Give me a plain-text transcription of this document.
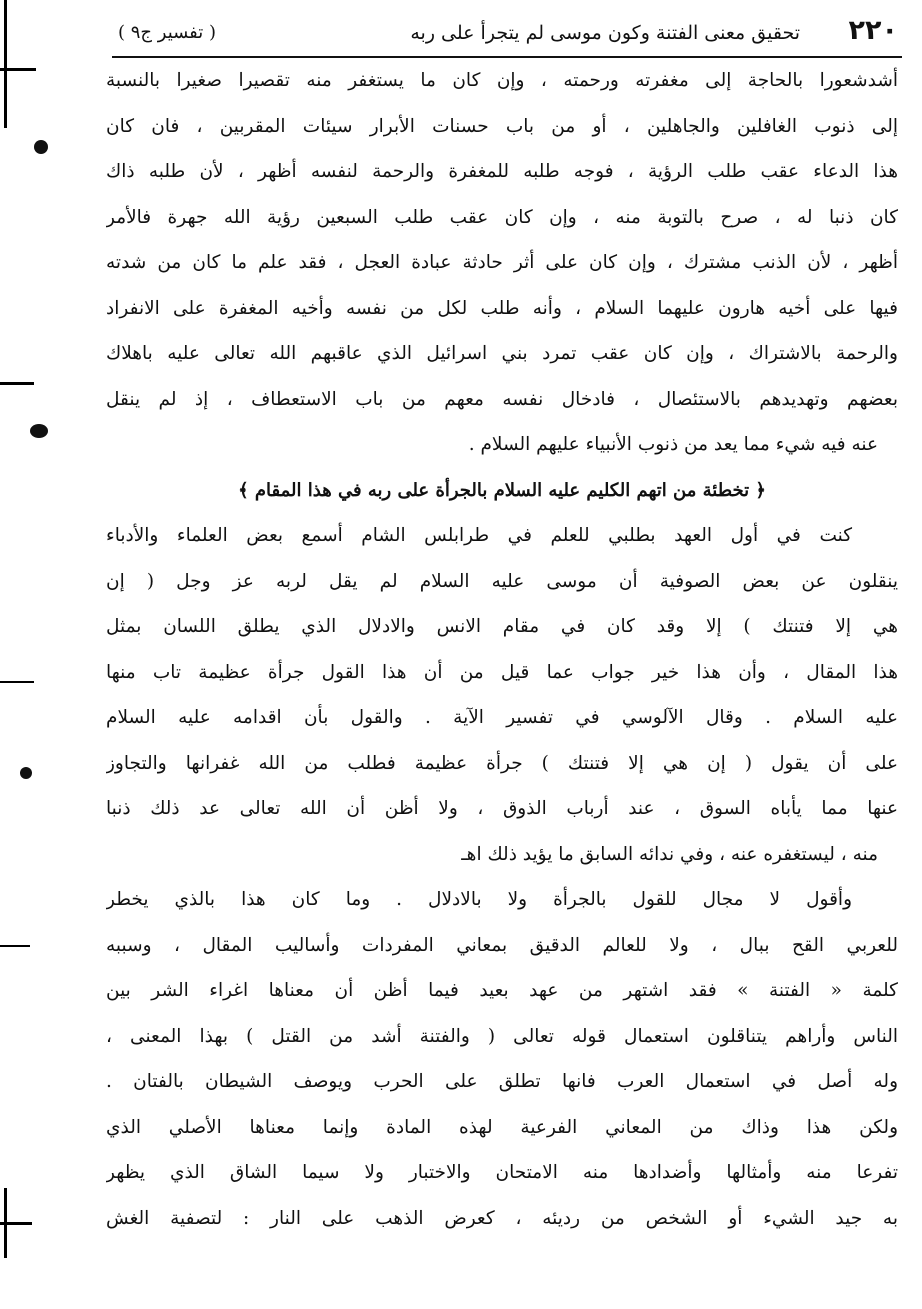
٢٢٠
تحقيق معنى الفتنة وكون موسى لم يتجرأ على ربه
( تفسير ج٩ )
أشدشعورا بالحاجة إلى مغفرته ورحمته ، وإن كان ما يستغفر منه تقصيرا صغيرا بالنسبة
إلى ذنوب الغافلين والجاهلين ، أو من باب حسنات الأبرار سيئات المقربين ، فان كان
هذا الدعاء عقب طلب الرؤية ، فوجه طلبه للمغفرة والرحمة لنفسه أظهر ، لأن طلبه ذاك
كان ذنبا له ، صرح بالتوبة منه ، وإن كان عقب طلب السبعين رؤية الله جهرة فالأمر
أظهر ، لأن الذنب مشترك ، وإن كان على أثر حادثة عبادة العجل ، فقد علم ما كان من شدته
فيها على أخيه هارون عليهما السلام ، وأنه طلب لكل من نفسه وأخيه المغفرة على الانفراد
والرحمة بالاشتراك ، وإن كان عقب تمرد بني اسرائيل الذي عاقبهم الله تعالى عليه باهلاك
بعضهم وتهديدهم بالاستئصال ، فادخال نفسه معهم من باب الاستعطاف ، إذ لم ينقل
عنه فيه شيء مما يعد من ذنوب الأنبياء عليهم السلام .
﴿ تخطئة من اتهم الكليم عليه السلام بالجرأة على ربه في هذا المقام ﴾
كنت في أول العهد بطلبي للعلم في طرابلس الشام أسمع بعض العلماء والأدباء
ينقلون عن بعض الصوفية أن موسى عليه السلام لم يقل لربه عز وجل ( إن
هي إلا فتنتك ) إلا وقد كان في مقام الانس والادلال الذي يطلق اللسان بمثل
هذا المقال ، وأن هذا خير جواب عما قيل من أن هذا القول جرأة عظيمة تاب منها
عليه السلام . وقال الآلوسي في تفسير الآية . والقول بأن اقدامه عليه السلام
على أن يقول ( إن هي إلا فتنتك ) جرأة عظيمة فطلب من الله غفرانها والتجاوز
عنها مما يأباه السوق ، عند أرباب الذوق ، ولا أظن أن الله تعالى عد ذلك ذنبا
منه ، ليستغفره عنه ، وفي ندائه السابق ما يؤيد ذلك اهـ
وأقول لا مجال للقول بالجرأة ولا بالادلال . وما كان هذا بالذي يخطر
للعربي القح ببال ، ولا للعالم الدقيق بمعاني المفردات وأساليب المقال ، وسببه
كلمة « الفتنة » فقد اشتهر من عهد بعيد فيما أظن أن معناها اغراء الشر بين
الناس وأراهم يتناقلون استعمال قوله تعالى ( والفتنة أشد من القتل ) بهذا المعنى ،
وله أصل في استعمال العرب فانها تطلق على الحرب ويوصف الشيطان بالفتان .
ولكن هذا وذاك من المعاني الفرعية لهذه المادة وإنما معناها الأصلي الذي
تفرعا منه وأمثالها وأضدادها منه الامتحان والاختبار ولا سيما الشاق الذي يظهر
به جيد الشيء أو الشخص من رديئه ، كعرض الذهب على النار : لتصفية الغش
